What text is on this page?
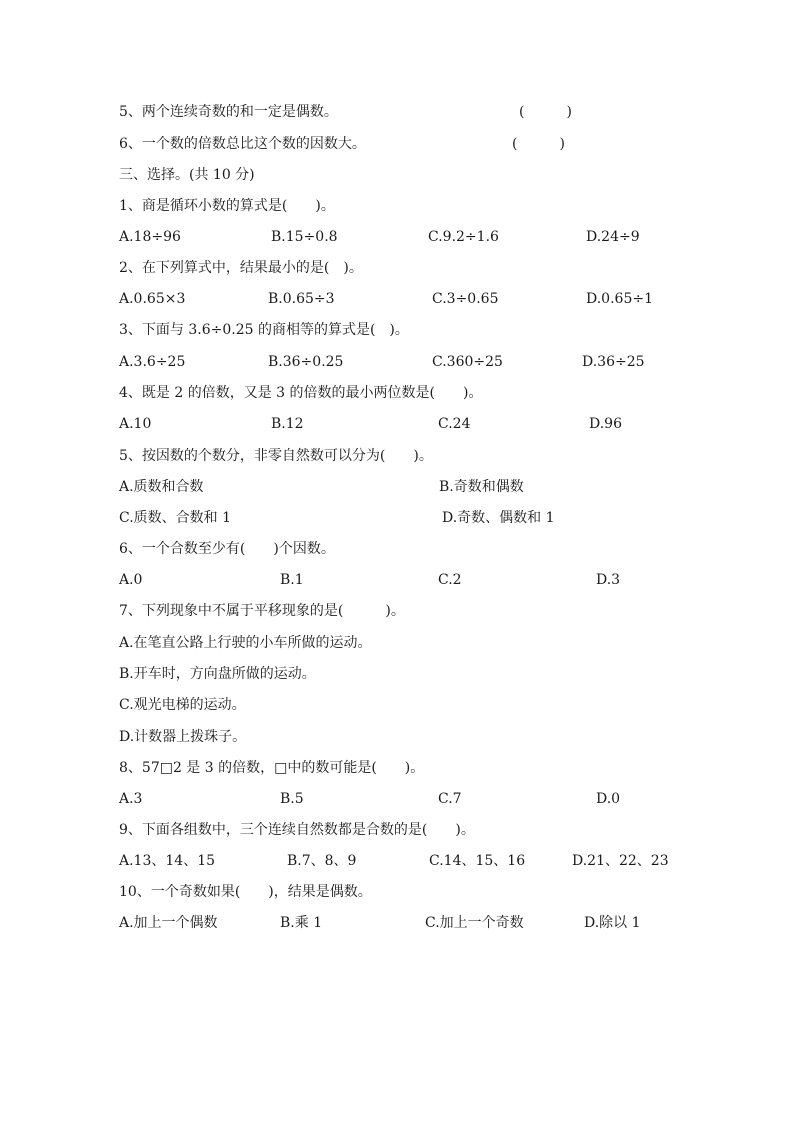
5、两个连续奇数的和一定是偶数。	(　　　)
6、一个数的倍数总比这个数的因数大。	(　　　)
三、选择。(共 10 分)
1、商是循环小数的算式是(　　)。
A.18÷96	B.15÷0.8	C.9.2÷1.6	D.24÷9
2、在下列算式中，结果最小的是(　)。
A.0.65×3	B.0.65÷3	C.3÷0.65	D.0.65÷1
3、下面与 3.6÷0.25 的商相等的算式是(　)。
A.3.6÷25	B.36÷0.25	C.360÷25	D.36÷25
4、既是 2 的倍数，又是 3 的倍数的最小两位数是(　　)。
A.10	B.12	C.24	D.96
5、按因数的个数分，非零自然数可以分为(　　)。
A.质数和合数	B.奇数和偶数
C.质数、合数和 1	D.奇数、偶数和 1
6、一个合数至少有(　　)个因数。
A.0	B.1	C.2	D.3
7、下列现象中不属于平移现象的是(　　　)。
A.在笔直公路上行驶的小车所做的运动。
B.开车时，方向盘所做的运动。
C.观光电梯的运动。
D.计数器上拨珠子。
8、57□2 是 3 的倍数，□中的数可能是(　　)。
A.3	B.5	C.7	D.0
9、下面各组数中，三个连续自然数都是合数的是(　　)。
A.13、14、15	B.7、8、9	C.14、15、16	D.21、22、23
10、一个奇数如果(　　)，结果是偶数。
A.加上一个偶数	B.乘 1	C.加上一个奇数	D.除以 1
